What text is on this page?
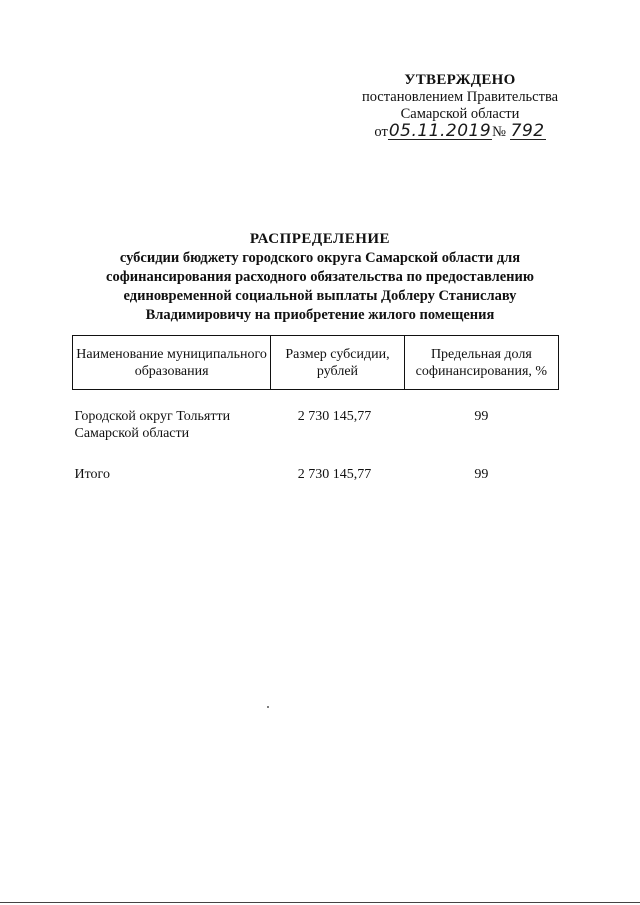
УТВЕРЖДЕНО
постановлением Правительства
Самарской области
от05.11.2019№ 792
РАСПРЕДЕЛЕНИЕ
субсидии бюджету городского округа Самарской области для
софинансирования расходного обязательства по предоставлению
единовременной социальной выплаты Доблеру Станиславу
Владимировичу на приобретение жилого помещения
Наименование муниципального образования	Размер субсидии, рублей	Предельная доля софинансирования, %

Городской округ Тольятти
Самарской области	2 730 145,77	99
Итого	2 730 145,77	99
